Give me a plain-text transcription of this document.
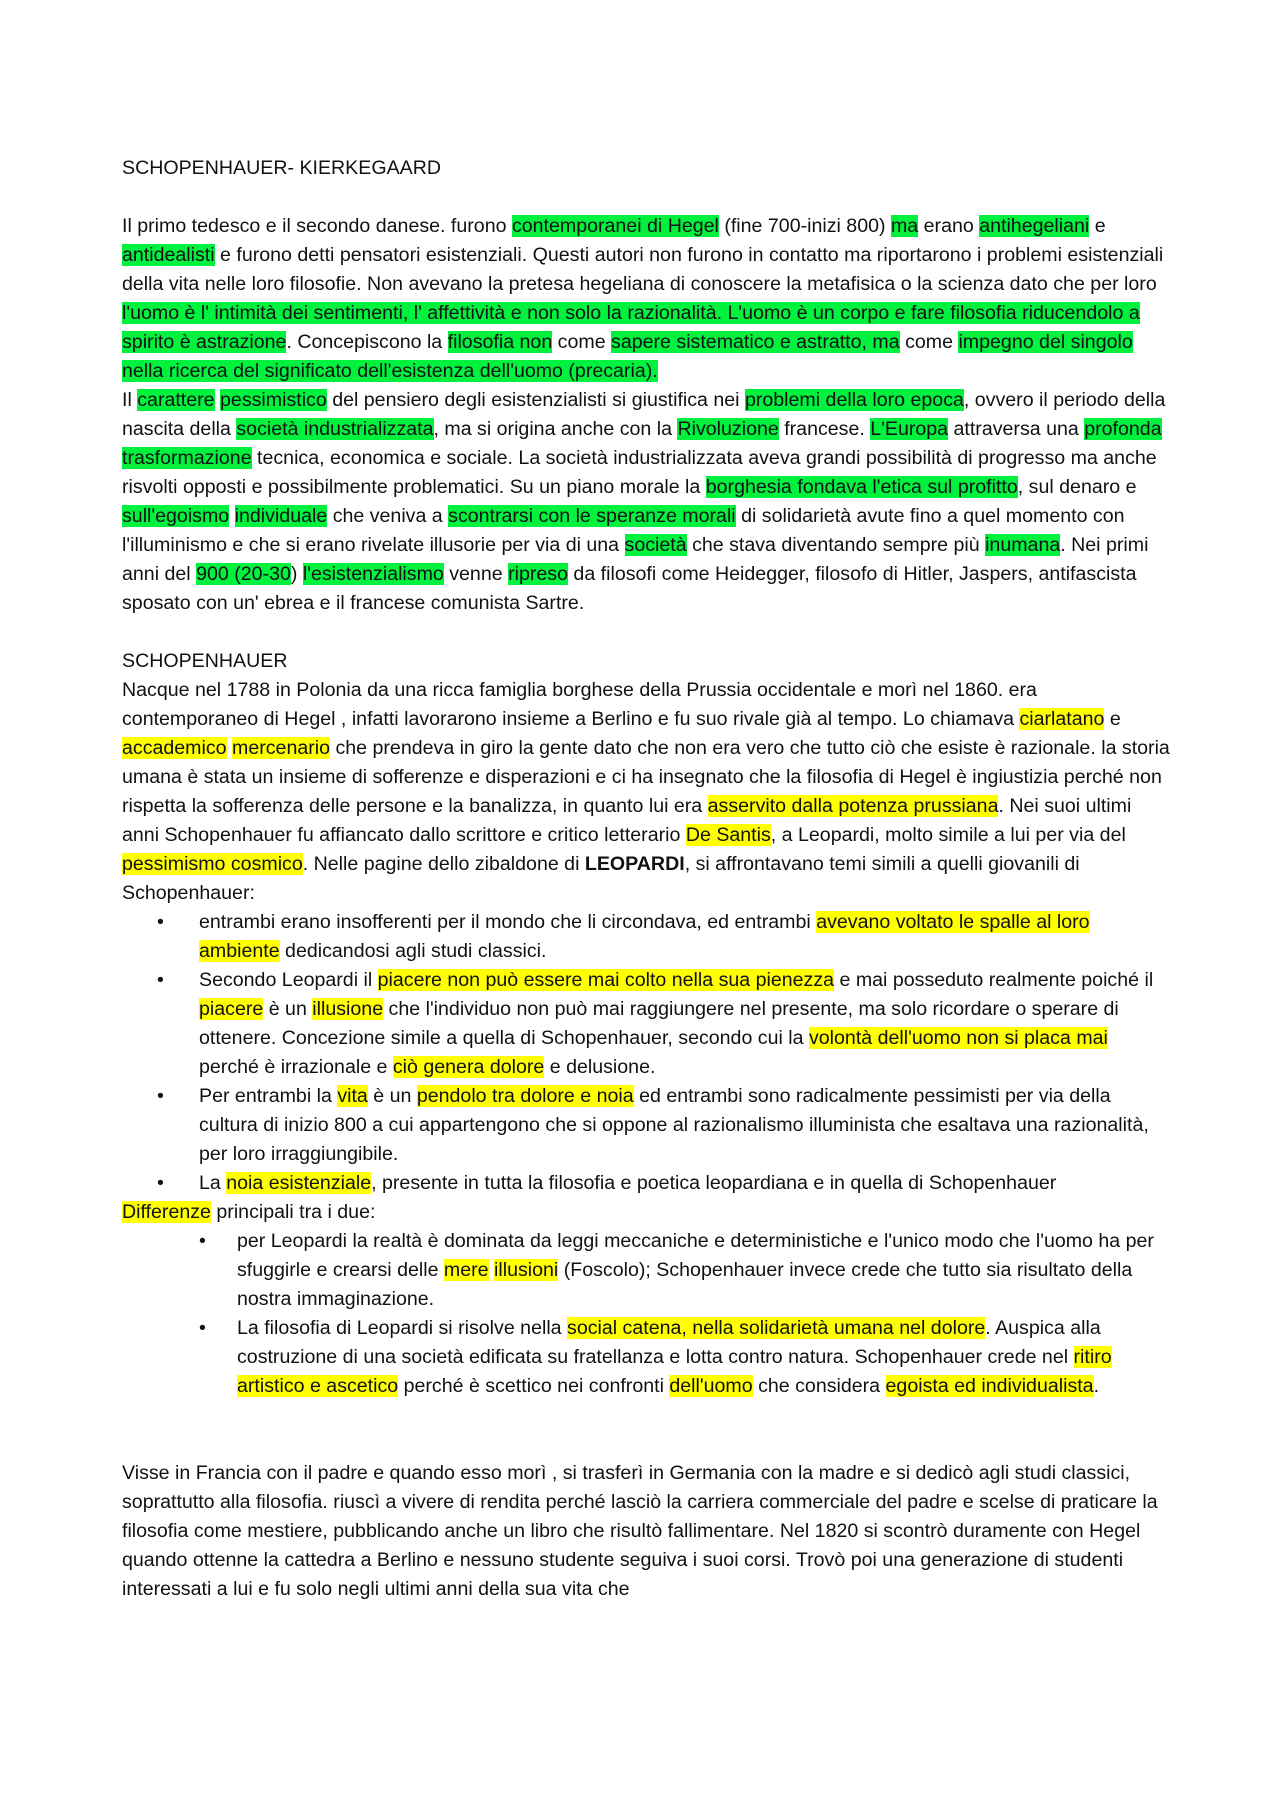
SCHOPENHAUER- KIERKEGAARD

Il primo tedesco e il secondo danese. furono contemporanei di Hegel (fine 700-inizi 800) ma erano antihegeliani e antidealisti e furono detti pensatori esistenziali. Questi autori non furono in contatto ma riportarono i problemi esistenziali della vita nelle loro filosofie. Non avevano la pretesa hegeliana di conoscere la metafisica o la scienza dato che per loro l'uomo è l' intimità dei sentimenti, l' affettività e non solo la razionalità. L'uomo è un corpo e fare filosofia riducendolo a spirito è astrazione. Concepiscono la filosofia non come sapere sistematico e astratto, ma come impegno del singolo nella ricerca del significato dell'esistenza dell'uomo (precaria).
Il carattere pessimistico del pensiero degli esistenzialisti si giustifica nei problemi della loro epoca, ovvero il periodo della nascita della società industrializzata, ma si origina anche con la Rivoluzione francese. L'Europa attraversa una profonda trasformazione tecnica, economica e sociale. La società industrializzata aveva grandi possibilità di progresso ma anche risvolti opposti e possibilmente problematici. Su un piano morale la borghesia fondava l'etica sul profitto, sul denaro e sull'egoismo individuale che veniva a scontrarsi con le speranze morali di solidarietà avute fino a quel momento con l'illuminismo e che si erano rivelate illusorie per via di una società che stava diventando sempre più inumana. Nei primi anni del 900 (20-30) l'esistenzialismo venne ripreso da filosofi come Heidegger, filosofo di Hitler, Jaspers, antifascista sposato con un' ebrea e il francese comunista Sartre.

SCHOPENHAUER

Nacque nel 1788 in Polonia da una ricca famiglia borghese della Prussia occidentale e morì nel 1860. era contemporaneo di Hegel , infatti lavorarono insieme a Berlino e fu suo rivale già al tempo. Lo chiamava ciarlatano e accademico mercenario che prendeva in giro la gente dato che non era vero che tutto ciò che esiste è razionale. la storia umana è stata un insieme di sofferenze e disperazioni e ci ha insegnato che la filosofia di Hegel è ingiustizia perché non rispetta la sofferenza delle persone e la banalizza, in quanto lui era asservito dalla potenza prussiana. Nei suoi ultimi anni Schopenhauer fu affiancato dallo scrittore e critico letterario De Santis, a Leopardi, molto simile a lui per via del pessimismo cosmico. Nelle pagine dello zibaldone di LEOPARDI, si affrontavano temi simili a quelli giovanili di Schopenhauer:

• entrambi erano insofferenti per il mondo che li circondava, ed entrambi avevano voltato le spalle al loro ambiente dedicandosi agli studi classici.
• Secondo Leopardi il piacere non può essere mai colto nella sua pienezza e mai posseduto realmente poiché il piacere è un illusione che l'individuo non può mai raggiungere nel presente, ma solo ricordare o sperare di ottenere. Concezione simile a quella di Schopenhauer, secondo cui la volontà dell'uomo non si placa mai perché è irrazionale e ciò genera dolore e delusione.
• Per entrambi la vita è un pendolo tra dolore e noia ed entrambi sono radicalmente pessimisti per via della cultura di inizio 800 a cui appartengono che si oppone al razionalismo illuminista che esaltava una razionalità, per loro irraggiungibile.
• La noia esistenziale, presente in tutta la filosofia e poetica leopardiana e in quella di Schopenhauer

Differenze principali tra i due:

• per Leopardi la realtà è dominata da leggi meccaniche e deterministiche e l'unico modo che l'uomo ha per sfuggirle e crearsi delle mere illusioni (Foscolo); Schopenhauer invece crede che tutto sia risultato della nostra immaginazione.
• La filosofia di Leopardi si risolve nella social catena, nella solidarietà umana nel dolore. Auspica alla costruzione di una società edificata su fratellanza e lotta contro natura. Schopenhauer crede nel ritiro artistico e ascetico perché è scettico nei confronti dell'uomo che considera egoista ed individualista.

Visse in Francia con il padre e quando esso morì , si trasferì in Germania con la madre e si dedicò agli studi classici, soprattutto alla filosofia. riuscì a vivere di rendita perché lasciò la carriera commerciale del padre e scelse di praticare la filosofia come mestiere, pubblicando anche un libro che risultò fallimentare. Nel 1820 si scontrò duramente con Hegel quando ottenne la cattedra a Berlino e nessuno studente seguiva i suoi corsi. Trovò poi una generazione di studenti interessati a lui e fu solo negli ultimi anni della sua vita che
